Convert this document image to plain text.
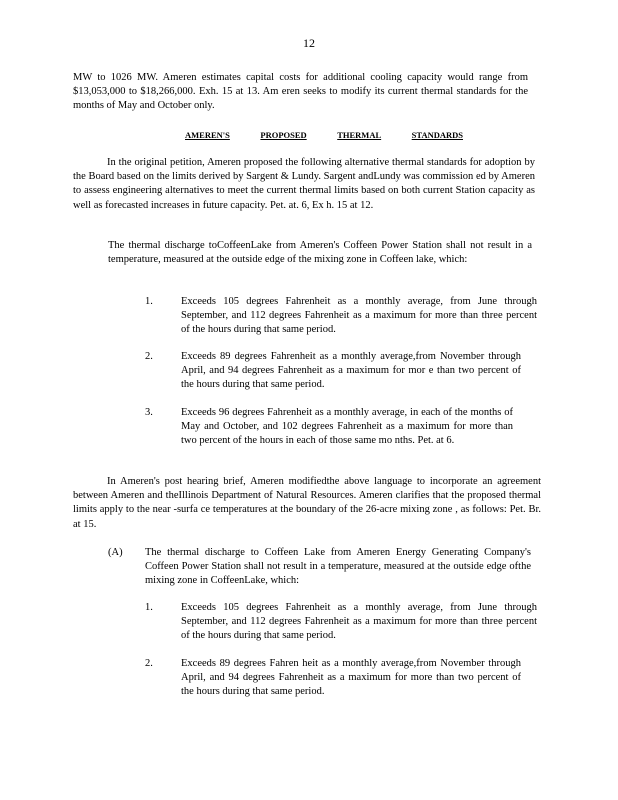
12
MW to 1026 MW. Ameren estimates capital costs for additional cooling capacity would range from $13,053,000 to $18,266,000. Exh. 15 at 13. Am eren seeks to modify its current thermal standards for the months of May and October only.
AMEREN'S	PROPOSED	THERMAL	STANDARDS
In the original petition, Ameren proposed the following alternative thermal standards for adoption by the Board based on the limits derived by Sargent & Lundy. Sargent andLundy was commission ed by Ameren to assess engineering alternatives to meet the current thermal limits based on both current Station capacity as well as forecasted increases in future capacity. Pet. at. 6, Ex h. 15 at 12.
The thermal discharge toCoffeenLake from Ameren's Coffeen Power Station shall not result in a temperature, measured at the outside edge of the mixing zone in Coffeen lake, which:
1.	Exceeds 105 degrees Fahrenheit as a monthly average, from June through September, and 112 degrees Fahrenheit as a maximum for more than three percent of the hours during that same period.
2.	Exceeds 89 degrees Fahrenheit as a monthly average,from November through April, and 94 degrees Fahrenheit as a maximum for mor e than two percent of the hours during that same period.
3.	Exceeds 96 degrees Fahrenheit as a monthly average, in each of the months of May and October, and 102 degrees Fahrenheit as a maximum for more than two percent of the hours in each of those same mo nths. Pet. at 6.
In Ameren's post hearing brief, Ameren modifiedthe above language to incorporate an agreement between Ameren and theIllinois Department of Natural Resources. Ameren clarifies that the proposed thermal limits apply to the near -surfa ce temperatures at the boundary of the 26-acre mixing zone , as follows: Pet. Br. at 15.
(A) The thermal discharge to Coffeen Lake from Ameren Energy Generating Company's Coffeen Power Station shall not result in a temperature, measured at the outside edge ofthe mixing zone in CoffeenLake, which:
1.	Exceeds 105 degrees Fahrenheit as a monthly average, from June through September, and 112 degrees Fahrenheit as a maximum for more than three percent of the hours during that same period.
2.	Exceeds 89 degrees Fahren heit as a monthly average,from November through April, and 94 degrees Fahrenheit as a maximum for more than two percent of the hours during that same period.
